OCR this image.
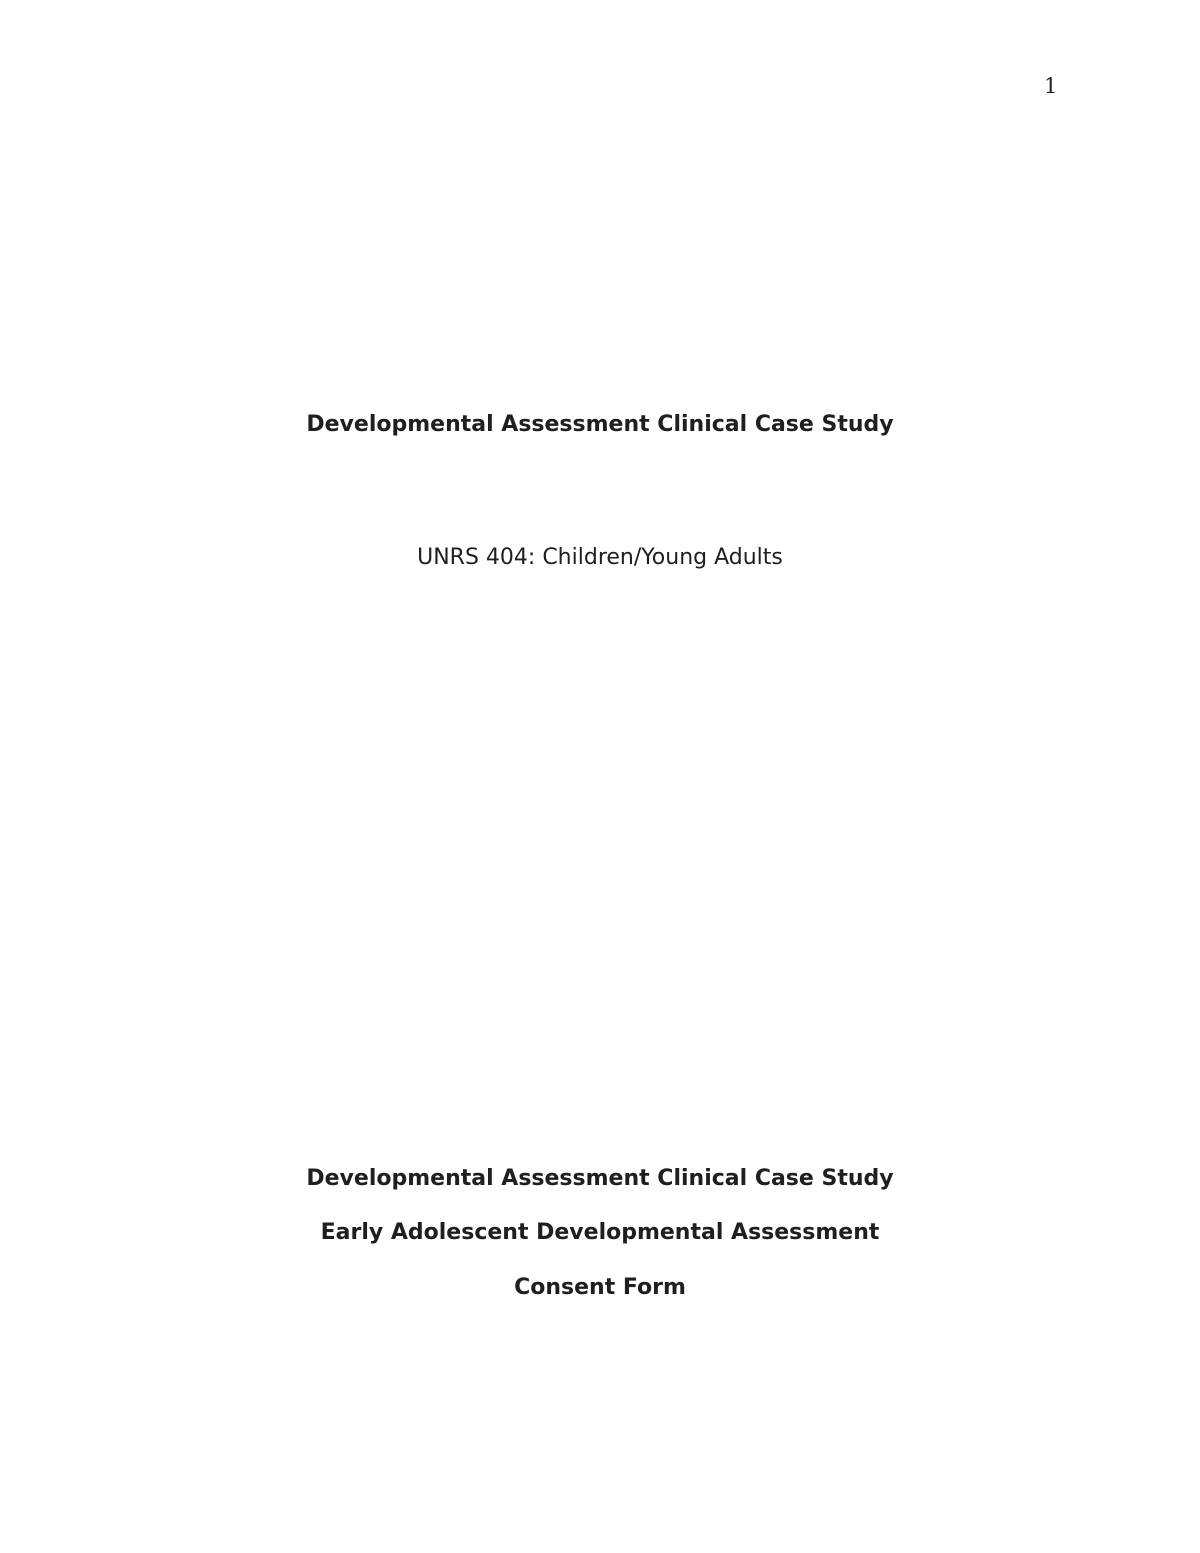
1
Developmental Assessment Clinical Case Study
UNRS 404: Children/Young Adults
Developmental Assessment Clinical Case Study
Early Adolescent Developmental Assessment
Consent Form
